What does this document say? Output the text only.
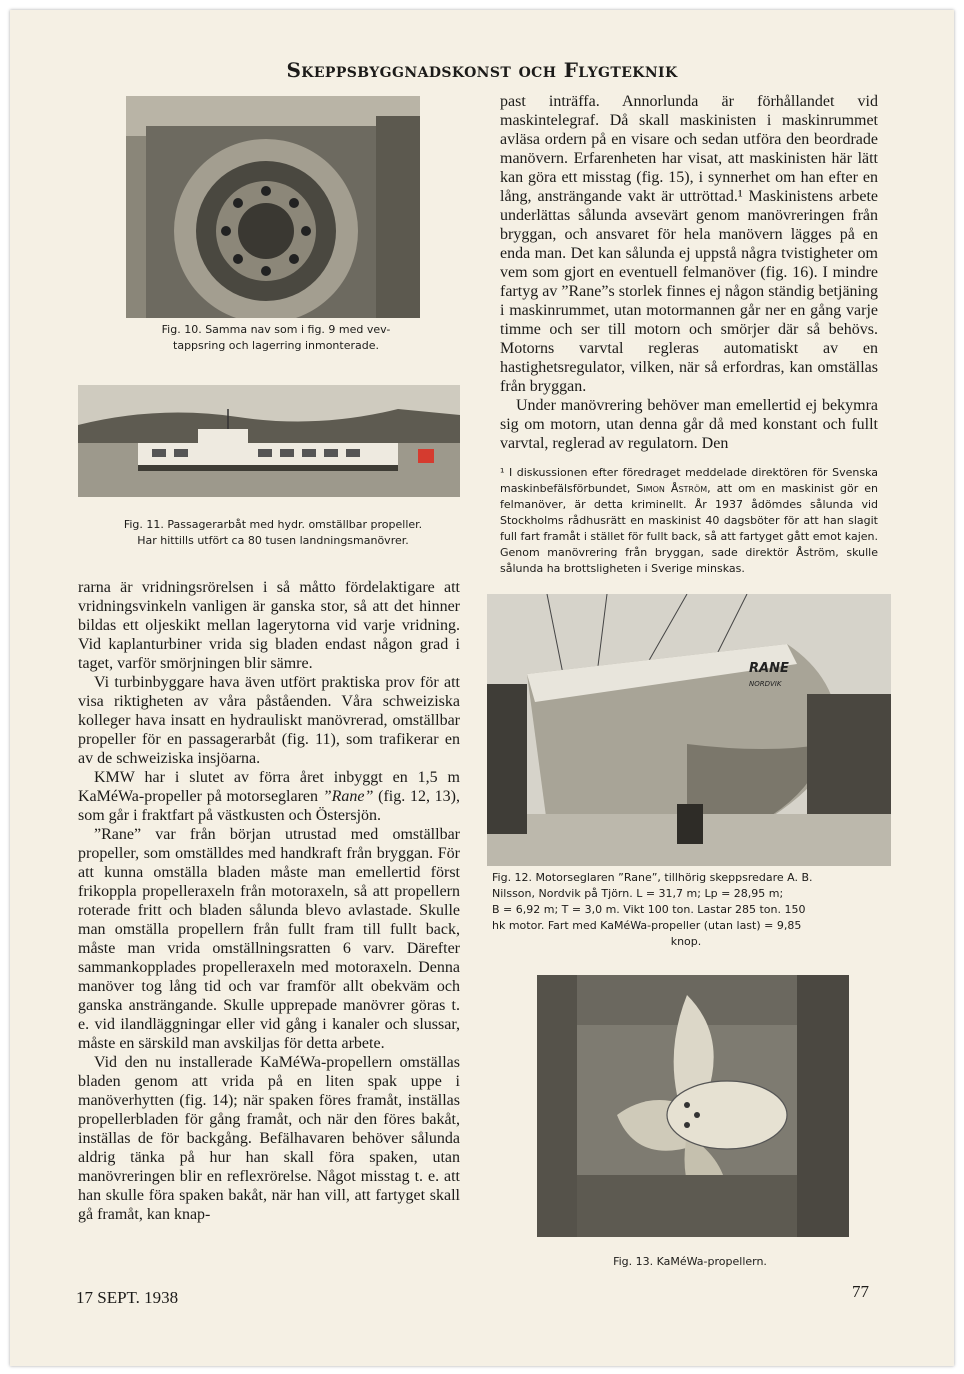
Skeppsbyggnadskonst och Flygteknik
Fig. 10. Samma nav som i fig. 9 med vev-
tappsring och lagerring inmonterade.
Fig. 11. Passagerarbåt med hydr. omställbar propeller.
Har hittills utfört ca 80 tusen landningsmanövrer.

rarna är vridningsrörelsen i så måtto fördelaktigare att vridningsvinkeln vanligen är ganska stor, så att det hinner bildas ett oljeskikt mellan lagerytorna vid varje vridning. Vid kaplanturbiner vrida sig bladen endast någon grad i taget, varför smörjningen blir sämre.

Vi turbinbyggare hava även utfört praktiska prov för att visa riktigheten av våra påståenden. Våra schweiziska kolleger hava insatt en hydrauliskt manövrerad, omställbar propeller för en passagerarbåt (fig. 11), som trafikerar en av de schweiziska insjöarna.

KMW har i slutet av förra året inbyggt en 1,5 m KaMéWa-propeller på motorseglaren ”Rane” (fig. 12, 13), som går i fraktfart på västkusten och Östersjön.

”Rane” var från början utrustad med omställbar propeller, som omställdes med handkraft från bryggan. För att kunna omställa bladen måste man emellertid först frikoppla propelleraxeln från motoraxeln, så att propellern roterade fritt och bladen sålunda blevo avlastade. Skulle man omställa propellern från fullt fram till fullt back, måste man vrida omställningsratten 6 varv. Därefter sammankopplades propelleraxeln med motoraxeln. Denna manöver tog lång tid och var framför allt obekväm och ganska ansträngande. Skulle upprepade manövrer göras t. e. vid ilandläggningar eller vid gång i kanaler och slussar, måste en särskild man avskiljas för detta arbete.

Vid den nu installerade KaMéWa-propellern omställas bladen genom att vrida på en liten spak uppe i manöverhytten (fig. 14); när spaken föres framåt, inställas propellerbladen för gång framåt, och när den föres bakåt, inställas de för backgång. Befälhavaren behöver sålunda aldrig tänka på hur han skall föra spaken, utan manövreringen blir en reflexrörelse. Något misstag t. e. att han skulle föra spaken bakåt, när han vill, att fartyget skall gå framåt, kan knap-

past inträffa. Annorlunda är förhållandet vid maskintelegraf. Då skall maskinisten i maskinrummet avläsa ordern på en visare och sedan utföra den beordrade manövern. Erfarenheten har visat, att maskinisten här lätt kan göra ett misstag (fig. 15), i synnerhet om han efter en lång, ansträngande vakt är uttröttad.¹ Maskinistens arbete underlättas sålunda avsevärt genom manövreringen från bryggan, och ansvaret för hela manövern lägges på en enda man. Det kan sålunda ej uppstå några tvistigheter om vem som gjort en eventuell felmanöver (fig. 16). I mindre fartyg av ”Rane”s storlek finnes ej någon ständig betjäning i maskinrummet, utan motormannen går ner en gång varje timme och ser till motorn och smörjer där så behövs. Motorns varvtal regleras automatiskt av en hastighetsregulator, vilken, när så erfordras, kan omställas från bryggan.

Under manövrering behöver man emellertid ej bekymra sig om motorn, utan denna går då med konstant och fullt varvtal, reglerad av regulatorn. Den

¹ I diskussionen efter föredraget meddelade direktören för Svenska maskinbefälsförbundet, Simon Åström, att om en maskinist gör en felmanöver, är detta kriminellt. År 1937 ådömdes sålunda vid Stockholms rådhusrätt en maskinist 40 dagsböter för att han slagit full fart framåt i stället för fullt back, så att fartyget gått emot kajen. Genom manövrering från bryggan, sade direktör Åström, skulle sålunda ha brottsligheten i Sverige minskas.
RANE
NORDVIK
Fig. 12. Motorseglaren ”Rane”, tillhörig skeppsredare A. B.
Nilsson, Nordvik på Tjörn. L = 31,7 m; Lp = 28,95 m;
B = 6,92 m; T = 3,0 m. Vikt 100 ton. Lastar 285 ton. 150
hk motor. Fart med KaMéWa-propeller (utan last) = 9,85
knop.
Fig. 13. KaMéWa-propellern.
17 SEPT. 1938	77
